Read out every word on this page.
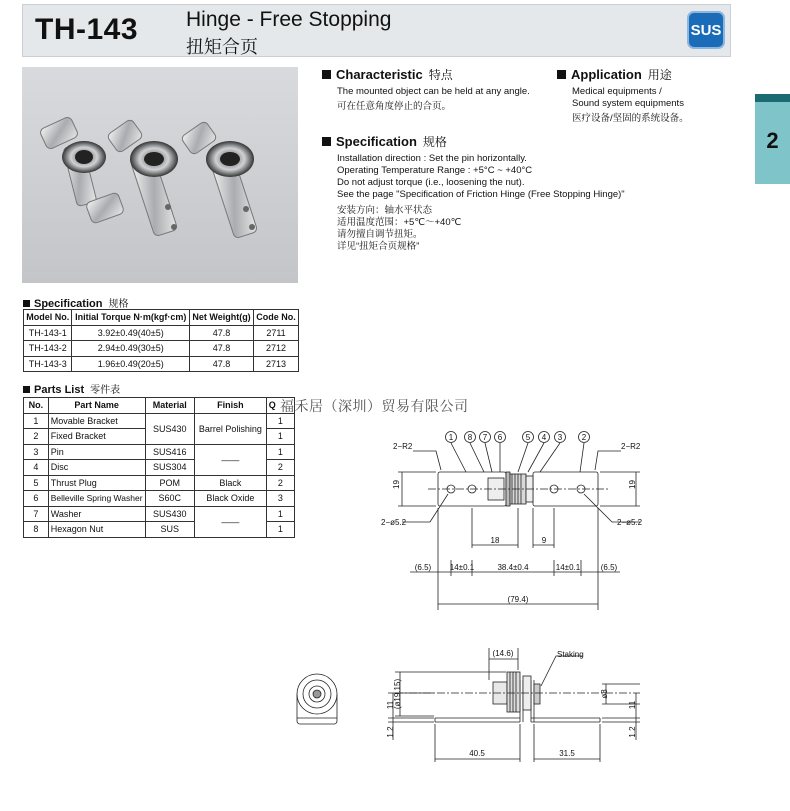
TH-143 Hinge - Free Stopping
扭矩合页
SUS
2
Characteristic 特点
The mounted object can be held at any angle.
可在任意角度停止的合页。
Application 用途
Medical equipments /
Sound system equipments
医疗设备/坚固的系统设备。
Specification 规格
Installation direction : Set the pin horizontally.
Operating Temperature Range : +5°C ~ +40°C
Do not adjust torque (i.e., loosening the nut).
See the page "Specification of Friction Hinge (Free Stopping Hinge)"
安装方向：轴水平状态
适用温度范围：+5℃～+40℃
请勿擅自调节扭矩。
详见“扭矩合页规格”
Specification 规格
Model No.	Initial Torque N·m(kgf·cm)	Net Weight(g)	Code No.
TH-143-1	3.92±0.49(40±5)	47.8	2711
TH-143-2	2.94±0.49(30±5)	47.8	2712
TH-143-3	1.96±0.49(20±5)	47.8	2713
Parts List 零件表
No.	Part Name	Material	Finish	Q
1	Movable Bracket	SUS430	Barrel Polishing	1
2	Fixed Bracket			1
3	Pin	SUS416	——	1
4	Disc	SUS304		2
5	Thrust Plug	POM	Black	2
6	Belleville Spring Washer	S60C	Black Oxide	3
7	Washer	SUS430	——	1
8	Hexagon Nut	SUS		1
福禾居（深圳）贸易有限公司
1 8 7 6	5 4 3 2
2−R2	2−R2
19	19
2−ø5.2	2−ø5.2
18	9
(6.5) 14±0.1	38.4±0.4	14±0.1	(6.5)
(79.4)
(14.6)	Staking
(ø19.15)	ø8
11	11
1.2	1.2
40.5	31.5
